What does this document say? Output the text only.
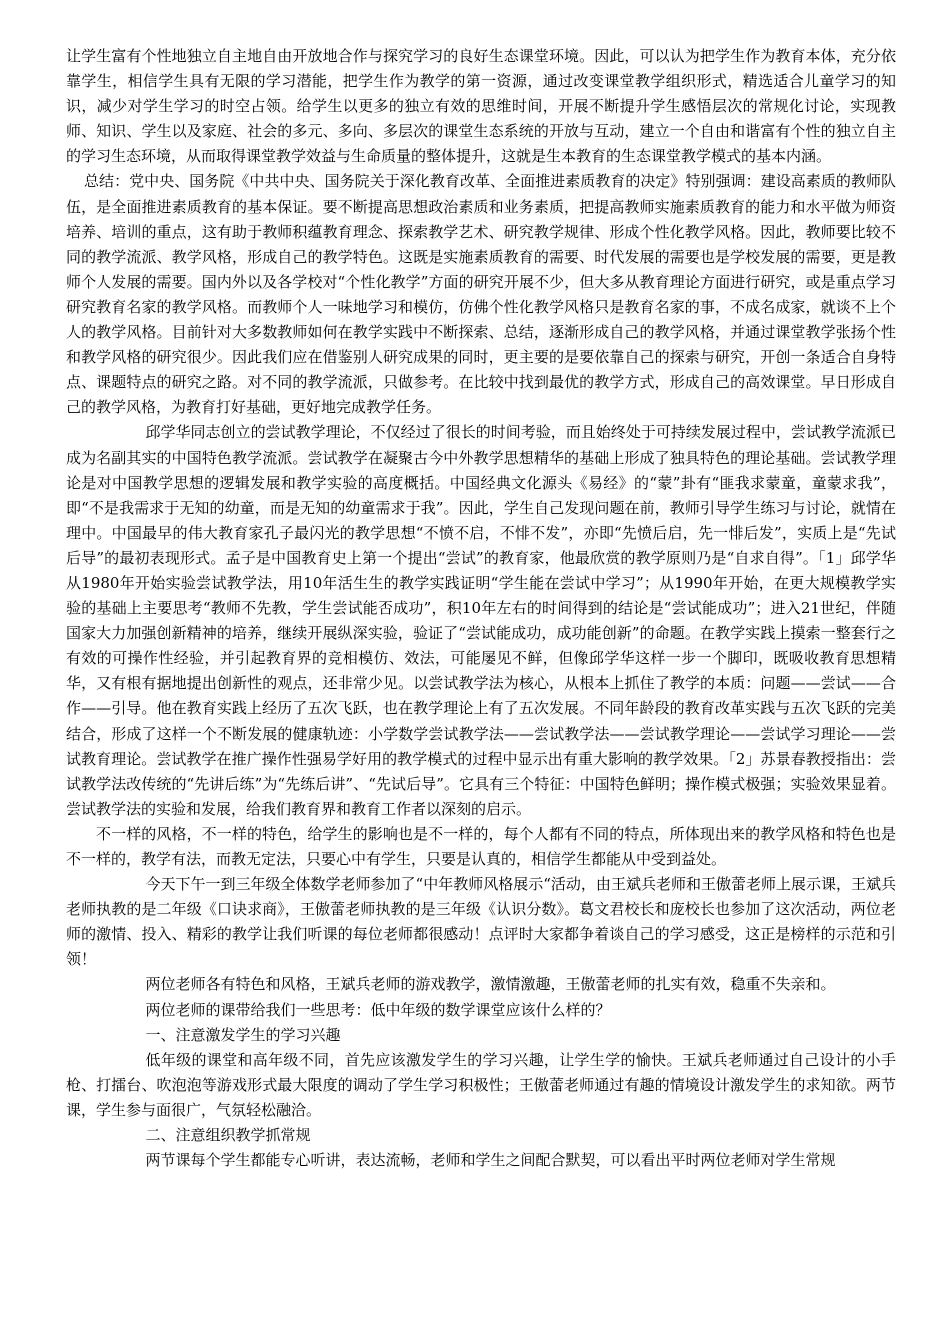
让学生富有个性地独立自主地自由开放地合作与探究学习的良好生态课堂环境。因此，可以认为把学生作为教育本体，充分依靠学生，相信学生具有无限的学习潜能，把学生作为教学的第一资源，通过改变课堂教学组织形式，精选适合儿童学习的知识，减少对学生学习的时空占领。给学生以更多的独立有效的思维时间，开展不断提升学生感悟层次的常规化讨论，实现教师、知识、学生以及家庭、社会的多元、多向、多层次的课堂生态系统的开放与互动，建立一个自由和谐富有个性的独立自主的学习生态环境，从而取得课堂教学效益与生命质量的整体提升，这就是生本教育的生态课堂教学模式的基本内涵。

总结：党中央、国务院《中共中央、国务院关于深化教育改革、全面推进素质教育的决定》特别强调：建设高素质的教师队伍，是全面推进素质教育的基本保证。要不断提高思想政治素质和业务素质，把提高教师实施素质教育的能力和水平做为师资培养、培训的重点，这有助于教师积蕴教育理念、探索教学艺术、研究教学规律、形成个性化教学风格。因此，教师要比较不同的教学流派、教学风格，形成自己的教学特色。这既是实施素质教育的需要、时代发展的需要也是学校发展的需要，更是教师个人发展的需要。国内外以及各学校对“个性化教学”方面的研究开展不少，但大多从教育理论方面进行研究，或是重点学习研究教育名家的教学风格。而教师个人一味地学习和模仿，仿佛个性化教学风格只是教育名家的事，不成名成家，就谈不上个人的教学风格。目前针对大多数教师如何在教学实践中不断探索、总结，逐渐形成自己的教学风格，并通过课堂教学张扬个性和教学风格的研究很少。因此我们应在借鉴别人研究成果的同时，更主要的是要依靠自己的探索与研究，开创一条适合自身特点、课题特点的研究之路。对不同的教学流派，只做参考。在比较中找到最优的教学方式，形成自己的高效课堂。早日形成自己的教学风格，为教育打好基础，更好地完成教学任务。

邱学华同志创立的尝试教学理论，不仅经过了很长的时间考验，而且始终处于可持续发展过程中，尝试教学流派已成为名副其实的中国特色教学流派。尝试教学在凝聚古今中外教学思想精华的基础上形成了独具特色的理论基础。尝试教学理论是对中国教学思想的逻辑发展和教学实验的高度概括。中国经典文化源头《易经》的“蒙”卦有“匪我求蒙童，童蒙求我”，即“不是我需求于无知的幼童，而是无知的幼童需求于我”。因此，学生自己发现问题在前，教师引导学生练习与讨论，就情在理中。中国最早的伟大教育家孔子最闪光的教学思想“不愤不启，不悱不发”，亦即“先愤后启，先一悱后发”，实质上是“先试后导”的最初表现形式。孟子是中国教育史上第一个提出“尝试”的教育家，他最欣赏的教学原则乃是“自求自得”。「1」邱学华从1980年开始实验尝试教学法，用10年活生生的教学实践证明“学生能在尝试中学习”；从1990年开始，在更大规模教学实验的基础上主要思考“教师不先教，学生尝试能否成功”，积10年左右的时间得到的结论是“尝试能成功”；进入21世纪，伴随国家大力加强创新精神的培养，继续开展纵深实验，验证了“尝试能成功，成功能创新”的命题。在教学实践上摸索一整套行之有效的可操作性经验，并引起教育界的竞相模仿、效法，可能屡见不鲜，但像邱学华这样一步一个脚印，既吸收教育思想精华，又有根有据地提出创新性的观点，还非常少见。以尝试教学法为核心，从根本上抓住了教学的本质：问题——尝试——合作——引导。他在教育实践上经历了五次飞跃，也在教学理论上有了五次发展。不同年龄段的教育改革实践与五次飞跃的完美结合，形成了这样一个不断发展的健康轨迹：小学数学尝试教学法——尝试教学法——尝试教学理论——尝试学习理论——尝试教育理论。尝试教学在推广操作性强易学好用的教学模式的过程中显示出有重大影响的教学效果。「2」苏景春教授指出：尝试教学法改传统的“先讲后练”为“先练后讲”、“先试后导”。它具有三个特征：中国特色鲜明；操作模式极强；实验效果显着。尝试教学法的实验和发展，给我们教育界和教育工作者以深刻的启示。

不一样的风格，不一样的特色，给学生的影响也是不一样的，每个人都有不同的特点，所体现出来的教学风格和特色也是不一样的，教学有法，而教无定法，只要心中有学生，只要是认真的，相信学生都能从中受到益处。

今天下午一到三年级全体数学老师参加了“中年教师风格展示“活动，由王斌兵老师和王傲蕾老师上展示课，王斌兵老师执教的是二年级《口诀求商》，王傲蕾老师执教的是三年级《认识分数》。葛文君校长和庞校长也参加了这次活动，两位老师的激情、投入、精彩的教学让我们听课的每位老师都很感动！点评时大家都争着谈自己的学习感受，这正是榜样的示范和引领！

两位老师各有特色和风格，王斌兵老师的游戏教学，激情激趣，王傲蕾老师的扎实有效，稳重不失亲和。

两位老师的课带给我们一些思考：低中年级的数学课堂应该什么样的？

一、注意激发学生的学习兴趣

低年级的课堂和高年级不同，首先应该激发学生的学习兴趣，让学生学的愉快。王斌兵老师通过自己设计的小手枪、打擂台、吹泡泡等游戏形式最大限度的调动了学生学习积极性；王傲蕾老师通过有趣的情境设计激发学生的求知欲。两节课，学生参与面很广，气氛轻松融洽。

二、注意组织教学抓常规

两节课每个学生都能专心听讲，表达流畅，老师和学生之间配合默契，可以看出平时两位老师对学生常规
